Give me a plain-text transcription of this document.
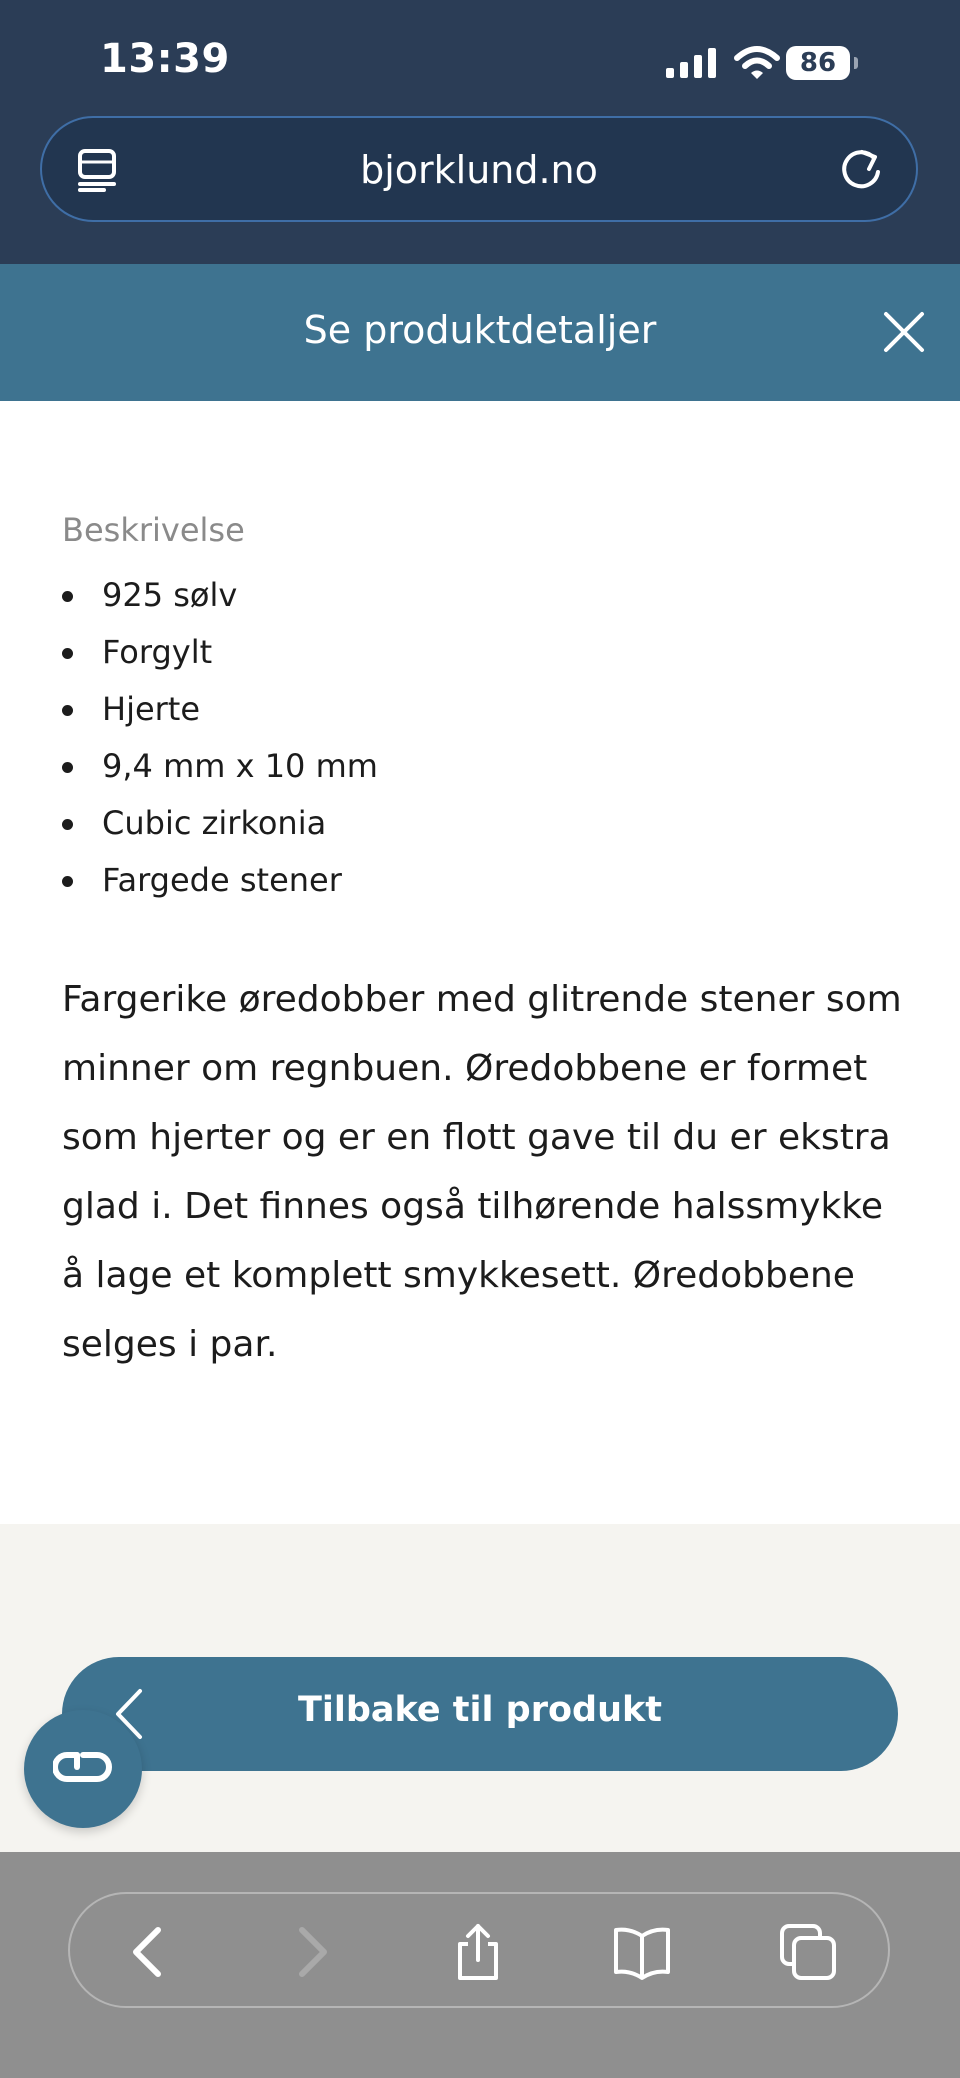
13:39	86
bjorklund.no
Se produktdetaljer
Beskrivelse
925 sølv
Forgylt
Hjerte
9,4 mm x 10 mm
Cubic zirkonia
Fargede stener
Fargerike øredobber med glitrende stener som minner om regnbuen. Øredobbene er formet som hjerter og er en flott gave til du er ekstra glad i. Det finnes også tilhørende halssmykke å lage et komplett smykkesett. Øredobbene selges i par.
Tilbake til produkt
